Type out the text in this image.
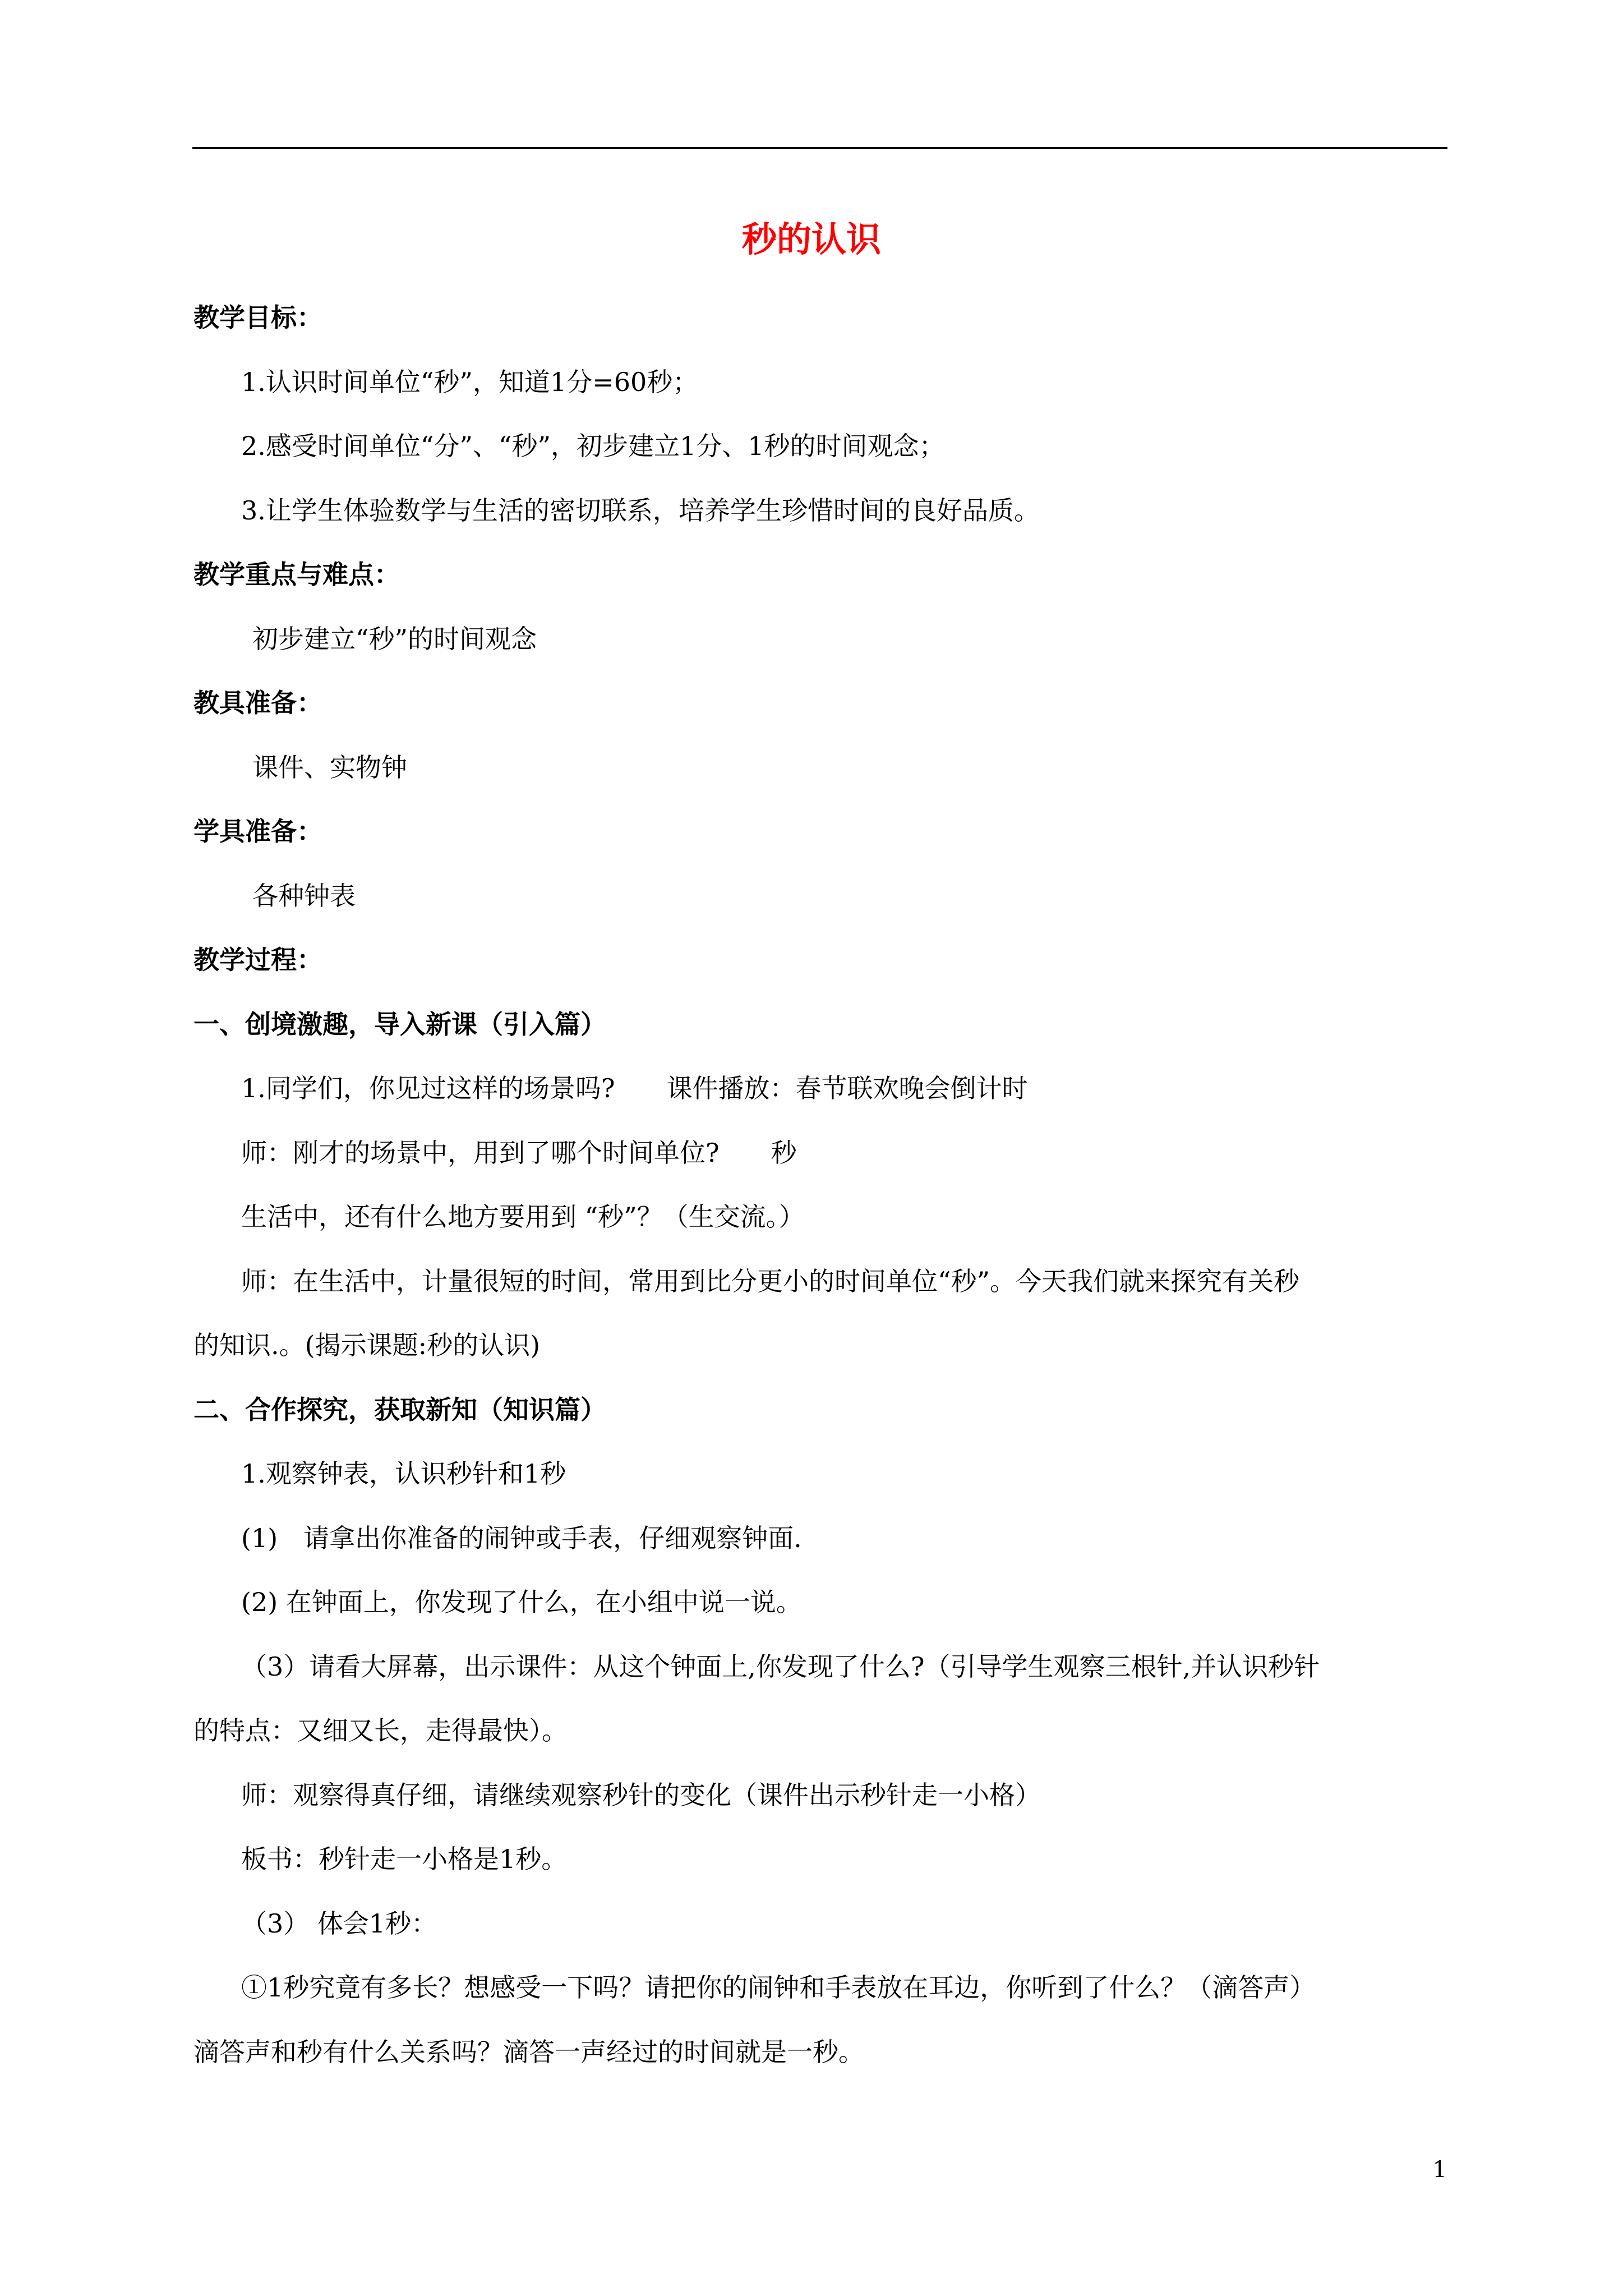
秒的认识
教学目标：
1.认识时间单位“秒”，知道1分=60秒；
2.感受时间单位“分”、“秒”，初步建立1分、1秒的时间观念；
3.让学生体验数学与生活的密切联系，培养学生珍惜时间的良好品质。
教学重点与难点：
初步建立“秒”的时间观念
教具准备：
课件、实物钟
学具准备：
各种钟表
教学过程：
一、创境激趣，导入新课（引入篇）
1.同学们，你见过这样的场景吗?　　课件播放：春节联欢晚会倒计时
师：刚才的场景中，用到了哪个时间单位?　　秒
生活中，还有什么地方要用到 “秒”？（生交流。）
师：在生活中，计量很短的时间，常用到比分更小的时间单位“秒”。今天我们就来探究有关秒
的知识.。(揭示课题:秒的认识)
二、合作探究，获取新知（知识篇）
1.观察钟表，认识秒针和1秒
(1)　请拿出你准备的闹钟或手表，仔细观察钟面.
(2) 在钟面上，你发现了什么，在小组中说一说。
（3）请看大屏幕，出示课件：从这个钟面上,你发现了什么?（引导学生观察三根针,并认识秒针
的特点：又细又长，走得最快）。
师：观察得真仔细，请继续观察秒针的变化（课件出示秒针走一小格）
板书：秒针走一小格是1秒。
（3） 体会1秒：
①1秒究竟有多长？想感受一下吗？请把你的闹钟和手表放在耳边，你听到了什么？（滴答声）
滴答声和秒有什么关系吗？滴答一声经过的时间就是一秒。
1
